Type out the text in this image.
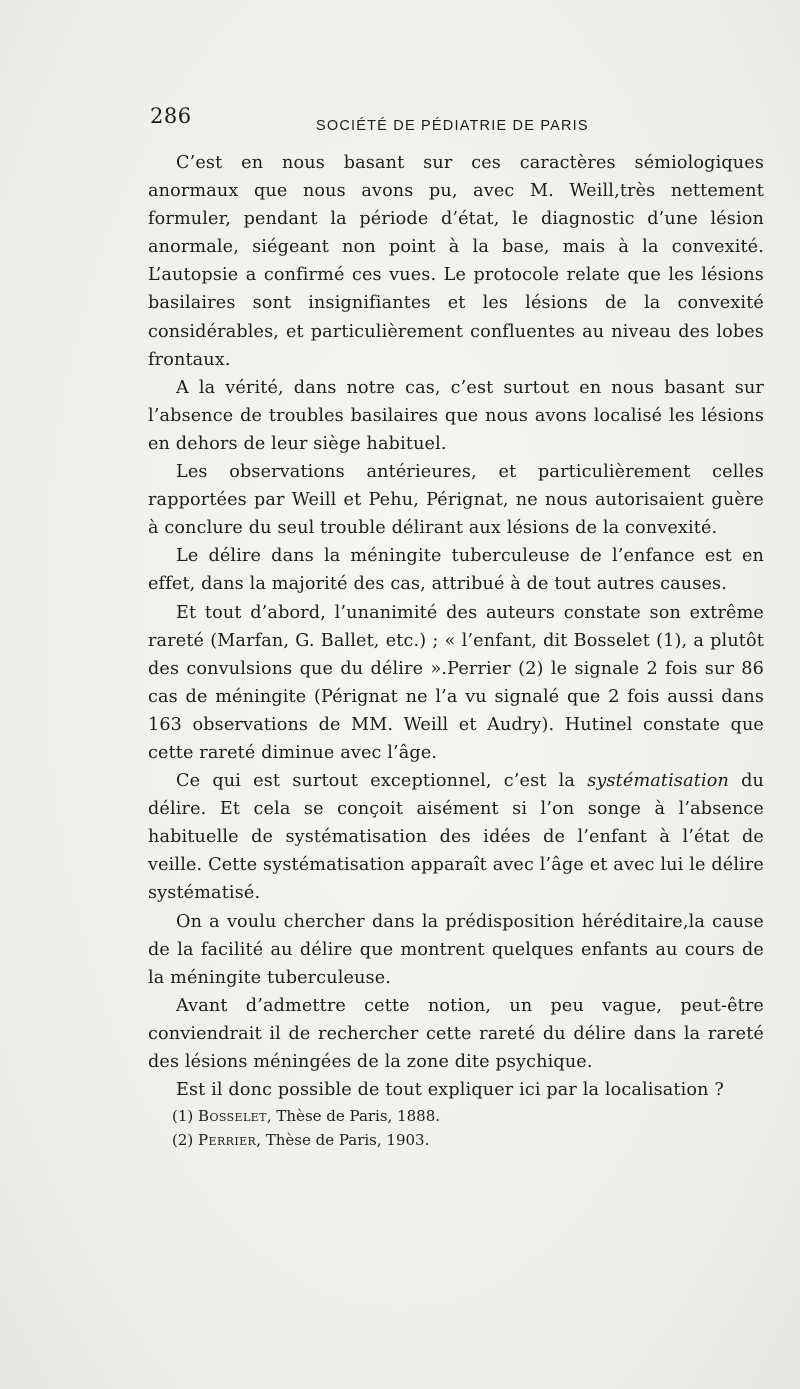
286	SOCIÉTÉ DE PÉDIATRIE DE PARIS

C’est en nous basant sur ces caractères sémiologiques anormaux que nous avons pu, avec M. Weill,très nettement formuler, pendant la période d’état, le diagnostic d’une lésion anormale, siégeant non point à la base, mais à la convexité. L’autopsie a confirmé ces vues. Le protocole relate que les lésions basilaires sont insignifiantes et les lésions de la convexité considérables, et particulièrement confluentes au niveau des lobes frontaux.

A la vérité, dans notre cas, c’est surtout en nous basant sur l’absence de troubles basilaires que nous avons localisé les lésions en dehors de leur siège habituel.

Les observations antérieures, et particulièrement celles rapportées par Weill et Pehu, Pérignat, ne nous autorisaient guère à conclure du seul trouble délirant aux lésions de la convexité.

Le délire dans la méningite tuberculeuse de l’enfance est en effet, dans la majorité des cas, attribué à de tout autres causes.

Et tout d’abord, l’unanimité des auteurs constate son extrême rareté (Marfan, G. Ballet, etc.) ; « l’enfant, dit Bosselet (1), a plutôt des convulsions que du délire ».Perrier (2) le signale 2 fois sur 86 cas de méningite (Pérignat ne l’a vu signalé que 2 fois aussi dans 163 observations de MM. Weill et Audry). Hutinel constate que cette rareté diminue avec l’âge.

Ce qui est surtout exceptionnel, c’est la systématisation du délire. Et cela se conçoit aisément si l’on songe à l’absence habituelle de systématisation des idées de l’enfant à l’état de veille. Cette systématisation apparaît avec l’âge et avec lui le délire systématisé.

On a voulu chercher dans la prédisposition héréditaire,la cause de la facilité au délire que montrent quelques enfants au cours de la méningite tuberculeuse.

Avant d’admettre cette notion, un peu vague, peut-être conviendrait il de rechercher cette rareté du délire dans la rareté des lésions méningées de la zone dite psychique.

Est il donc possible de tout expliquer ici par la localisation ?

(1) Bosselet, Thèse de Paris, 1888.

(2) Perrier, Thèse de Paris, 1903.
